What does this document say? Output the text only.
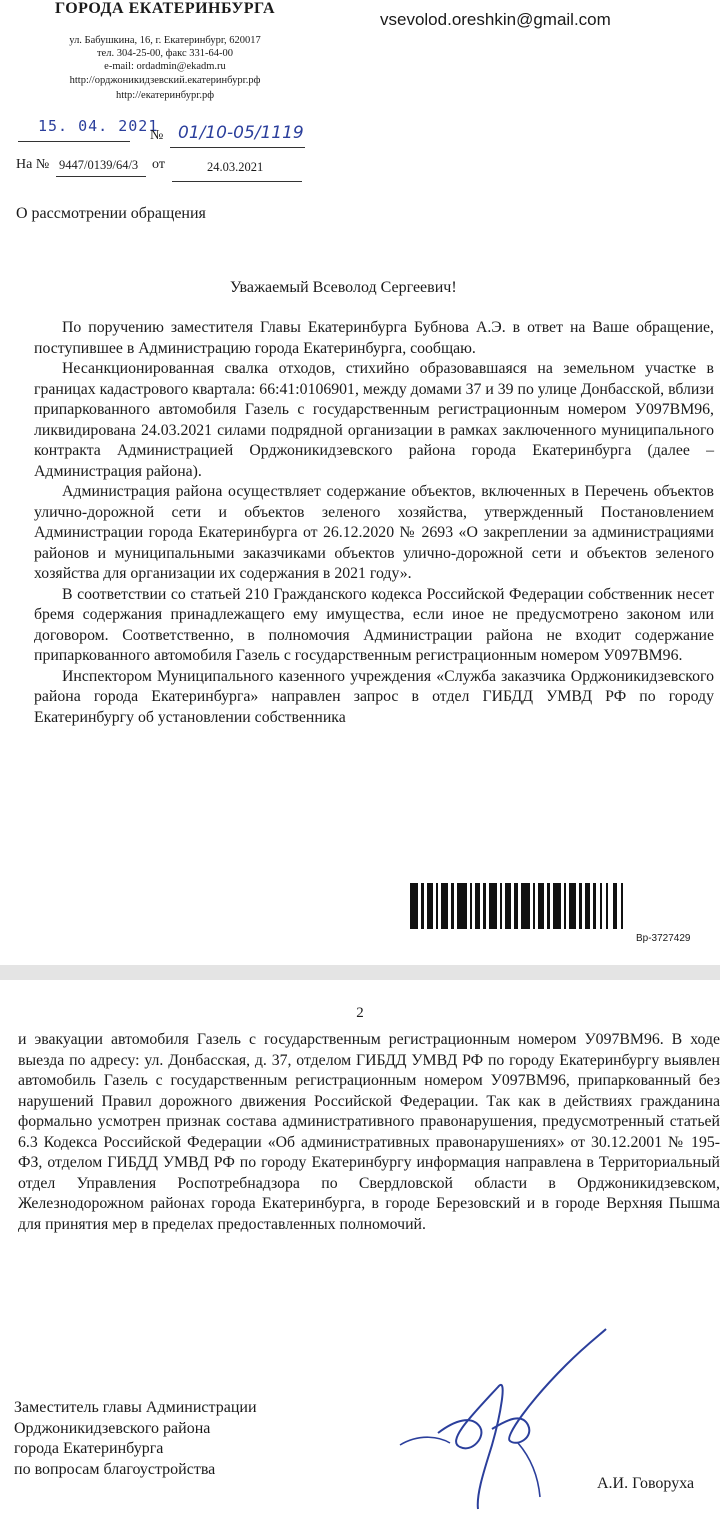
ГОРОДА ЕКАТЕРИНБУРГА
ул. Бабушкина, 16, г. Екатеринбург, 620017
тел. 304-25-00, факс 331-64-00
e-mail: ordadmin@ekadm.ru
http://орджоникидзевский.екатеринбург.рф
http://екатеринбург.рф
vsevolod.oreshkin@gmail.com
15. 04. 2021
№ 01/10-05/1119
На № 9447/0139/64/3 от	24.03.2021
О рассмотрении обращения
Уважаемый Всеволод Сергеевич!

По поручению заместителя Главы Екатеринбурга Бубнова А.Э. в ответ на Ваше обращение, поступившее в Администрацию города Екатеринбурга, сообщаю.

Несанкционированная свалка отходов, стихийно образовавшаяся на земельном участке в границах кадастрового квартала: 66:41:0106901, между домами 37 и 39 по улице Донбасской, вблизи припаркованного автомобиля Газель с государственным регистрационным номером У097ВМ96, ликвидирована 24.03.2021 силами подрядной организации в рамках заключенного муниципального контракта Администрацией Орджоникидзевского района города Екатеринбурга (далее – Администрация района).

Администрация района осуществляет содержание объектов, включенных в Перечень объектов улично-дорожной сети и объектов зеленого хозяйства, утвержденный Постановлением Администрации города Екатеринбурга от 26.12.2020 № 2693 «О закреплении за администрациями районов и муниципальными заказчиками объектов улично-дорожной сети и объектов зеленого хозяйства для организации их содержания в 2021 году».

В соответствии со статьей 210 Гражданского кодекса Российской Федерации собственник несет бремя содержания принадлежащего ему имущества, если иное не предусмотрено законом или договором. Соответственно, в полномочия Администрации района не входит содержание припаркованного автомобиля Газель с государственным регистрационным номером У097ВМ96.

Инспектором Муниципального казенного учреждения «Служба заказчика Орджоникидзевского района города Екатеринбурга» направлен запрос в отдел ГИБДД УМВД РФ по городу Екатеринбургу об установлении собственника

Вр-3727429
2

и эвакуации автомобиля Газель с государственным регистрационным номером У097ВМ96. В ходе выезда по адресу: ул. Донбасская, д. 37, отделом ГИБДД УМВД РФ по городу Екатеринбургу выявлен автомобиль Газель с государственным регистрационным номером У097ВМ96, припаркованный без нарушений Правил дорожного движения Российской Федерации. Так как в действиях гражданина формально усмотрен признак состава административного правонарушения, предусмотренный статьей 6.3 Кодекса Российской Федерации «Об административных правонарушениях» от 30.12.2001 № 195-ФЗ, отделом ГИБДД УМВД РФ по городу Екатеринбургу информация направлена в Территориальный отдел Управления Роспотребнадзора по Свердловской области в Орджоникидзевском, Железнодорожном районах города Екатеринбурга, в городе Березовский и в городе Верхняя Пышма для принятия мер в пределах предоставленных полномочий.

Заместитель главы Администрации
Орджоникидзевского района
города Екатеринбурга
по вопросам благоустройства
А.И. Говоруха
